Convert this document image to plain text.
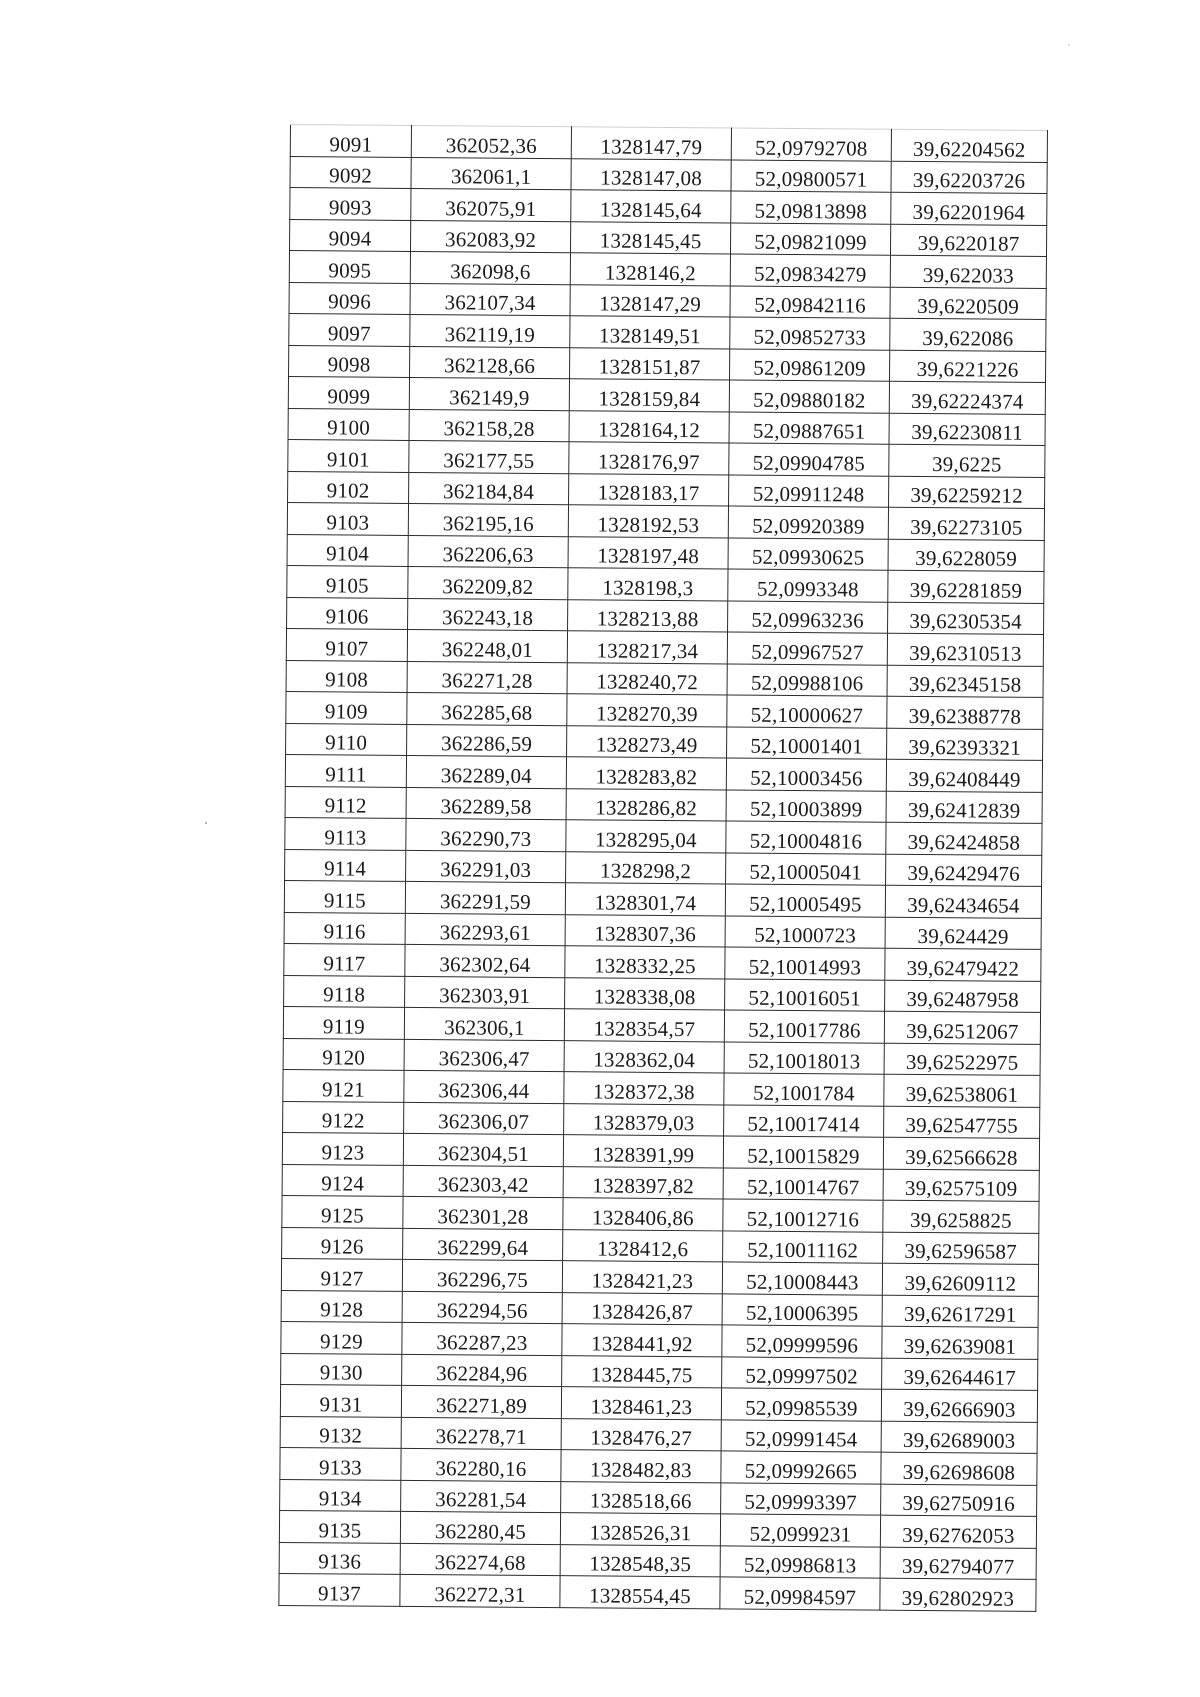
9091	362052,36	1328147,79	52,09792708	39,62204562
9092	362061,1	1328147,08	52,09800571	39,62203726
9093	362075,91	1328145,64	52,09813898	39,62201964
9094	362083,92	1328145,45	52,09821099	39,6220187
9095	362098,6	1328146,2	52,09834279	39,622033
9096	362107,34	1328147,29	52,09842116	39,6220509
9097	362119,19	1328149,51	52,09852733	39,622086
9098	362128,66	1328151,87	52,09861209	39,6221226
9099	362149,9	1328159,84	52,09880182	39,62224374
9100	362158,28	1328164,12	52,09887651	39,62230811
9101	362177,55	1328176,97	52,09904785	39,6225
9102	362184,84	1328183,17	52,09911248	39,62259212
9103	362195,16	1328192,53	52,09920389	39,62273105
9104	362206,63	1328197,48	52,09930625	39,6228059
9105	362209,82	1328198,3	52,0993348	39,62281859
9106	362243,18	1328213,88	52,09963236	39,62305354
9107	362248,01	1328217,34	52,09967527	39,62310513
9108	362271,28	1328240,72	52,09988106	39,62345158
9109	362285,68	1328270,39	52,10000627	39,62388778
9110	362286,59	1328273,49	52,10001401	39,62393321
9111	362289,04	1328283,82	52,10003456	39,62408449
9112	362289,58	1328286,82	52,10003899	39,62412839
9113	362290,73	1328295,04	52,10004816	39,62424858
9114	362291,03	1328298,2	52,10005041	39,62429476
9115	362291,59	1328301,74	52,10005495	39,62434654
9116	362293,61	1328307,36	52,1000723	39,624429
9117	362302,64	1328332,25	52,10014993	39,62479422
9118	362303,91	1328338,08	52,10016051	39,62487958
9119	362306,1	1328354,57	52,10017786	39,62512067
9120	362306,47	1328362,04	52,10018013	39,62522975
9121	362306,44	1328372,38	52,1001784	39,62538061
9122	362306,07	1328379,03	52,10017414	39,62547755
9123	362304,51	1328391,99	52,10015829	39,62566628
9124	362303,42	1328397,82	52,10014767	39,62575109
9125	362301,28	1328406,86	52,10012716	39,6258825
9126	362299,64	1328412,6	52,10011162	39,62596587
9127	362296,75	1328421,23	52,10008443	39,62609112
9128	362294,56	1328426,87	52,10006395	39,62617291
9129	362287,23	1328441,92	52,09999596	39,62639081
9130	362284,96	1328445,75	52,09997502	39,62644617
9131	362271,89	1328461,23	52,09985539	39,62666903
9132	362278,71	1328476,27	52,09991454	39,62689003
9133	362280,16	1328482,83	52,09992665	39,62698608
9134	362281,54	1328518,66	52,09993397	39,62750916
9135	362280,45	1328526,31	52,0999231	39,62762053
9136	362274,68	1328548,35	52,09986813	39,62794077
9137	362272,31	1328554,45	52,09984597	39,62802923
